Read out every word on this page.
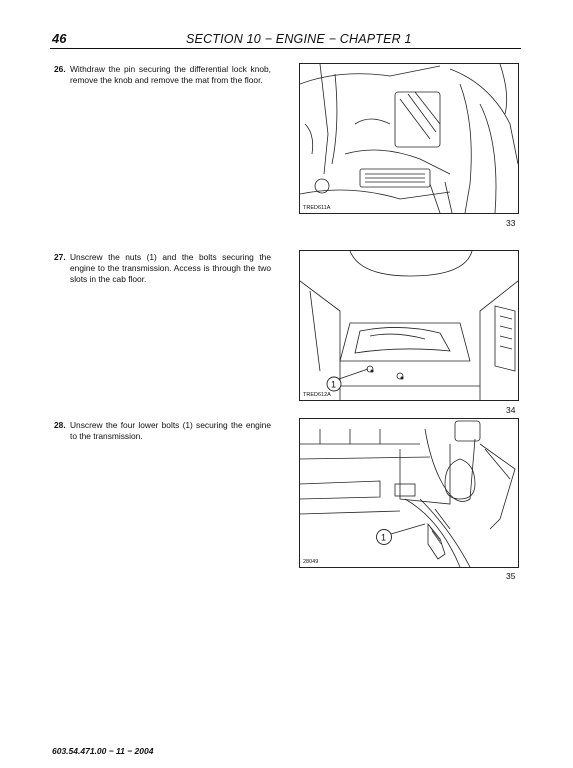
46	SECTION 10 − ENGINE − CHAPTER 1
26. Withdraw the pin securing the differential lock knob, remove the knob and remove the mat from the floor.
TRED611A
33
27. Unscrew the nuts (1) and the bolts securing the engine to the transmission. Access is through the two slots in the cab floor.
1
TRED612A
34
28. Unscrew the four lower bolts (1) securing the engine to the transmission.
1
28049
35
603.54.471.00 − 11 − 2004
